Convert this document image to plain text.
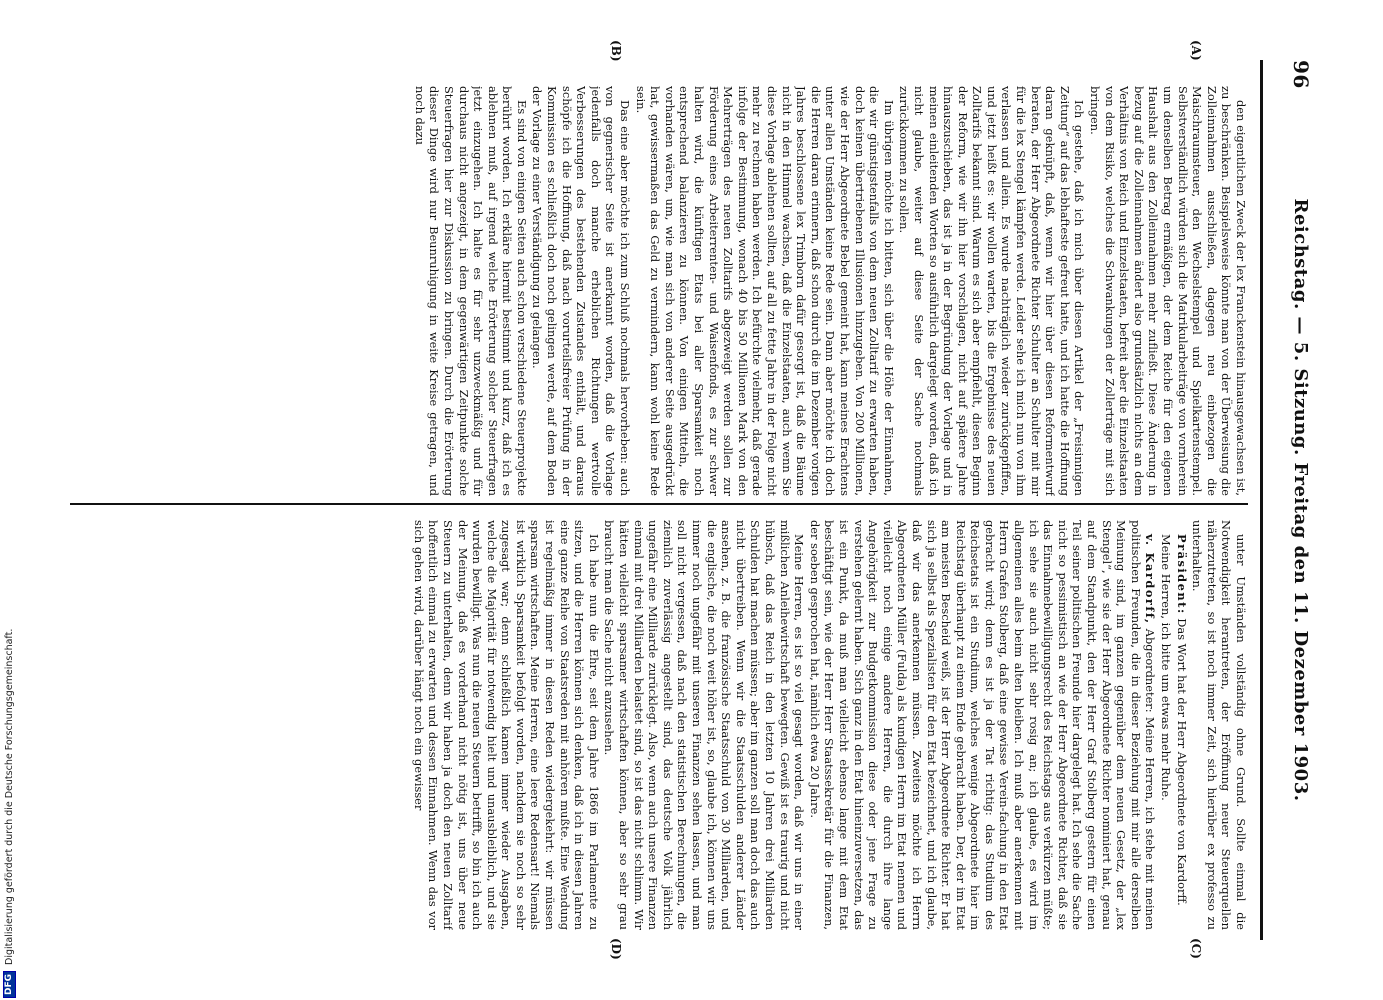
96
Reichstag. — 5. Sitzung. Freitag den 11. Dezember 1903.
(A)
(B)
(C)
(D)

den eigentlichen Zweck der lex Franckenstein hinausgewachsen ist, zu beschränken. Beispielsweise könnte man von der Überweisung die Zolleinnahmen ausschließen, dagegen neu einbezogen die Maischraumsteuer, den Wechselstempel und Spielkartenstempel. Selbstverständlich würden sich die Matrikularbeiträge von vornherein um denselben Betrag ermäßigen, der dem Reiche für den eigenen Haushalt aus den Zolleinnahmen mehr zufließt. Diese Änderung in bezug auf die Zolleinnahmen ändert also grundsätzlich nichts an dem Verhältnis von Reich und Einzelstaaten, befreit aber die Einzelstaaten von dem Risiko, welches die Schwankungen der Zollerträge mit sich bringen.

Ich gestehe, daß ich mich über diesen Artikel der „Freisinnigen Zeitung“ auf das lebhafteste gefreut hatte, und ich hatte die Hoffnung daran geknüpft, daß, wenn wir hier über diesen Reformentwurf beraten, der Herr Abgeordnete Richter Schulter an Schulter mit mir für die lex Stengel kämpfen werde. Leider sehe ich mich nun von ihm verlassen und allein. Es wurde nachträglich wieder zurückgepfiffen, und jetzt heißt es: wir wollen warten, bis die Ergebnisse des neuen Zolltarifs bekannt sind. Warum es sich aber empfiehlt, diesen Beginn der Reform, wie wir ihn hier vorschlagen, nicht auf spätere Jahre hinauszuschieben, das ist ja in der Begründung der Vorlage und in meinen einleitenden Worten so ausführlich dargelegt worden, daß ich nicht glaube, weiter auf diese Seite der Sache nochmals zurückkommen zu sollen.

Im übrigen möchte ich bitten, sich über die Höhe der Einnahmen, die wir günstigstenfalls von dem neuen Zolltarif zu erwarten haben, doch keinen übertriebenen Illusionen hinzugeben. Von 200 Millionen, wie der Herr Abgeordnete Bebel gemeint hat, kann meines Erachtens unter allen Umständen keine Rede sein. Dann aber möchte ich doch die Herren daran erinnern, daß schon durch die im Dezember vorigen Jahres beschlossene lex Trimborn dafür gesorgt ist, daß die Bäume nicht in den Himmel wachsen, daß die Einzelstaaten, auch wenn Sie diese Vorlage ablehnen sollten, auf all zu fette Jahre in der Folge nicht mehr zu rechnen haben werden. Ich befürchte vielmehr, daß gerade infolge der Bestimmung, wonach 40 bis 50 Millionen Mark von den Mehrerträgen des neuen Zolltarifs abgezweigt werden sollen zur Förderung eines Arbeiterrenten- und Waisenfonds, es zur schwer halten wird, die künftigen Etats bei aller Sparsamkeit noch entsprechend balanzieren zu können. Von einigen Mitteln, die vorhanden wären, um, wie man sich von anderer Seite ausgedrückt hat, gewissermaßen das Geld zu vermindern, kann wohl keine Rede sein.

Das eine aber möchte ich zum Schluß nochmals hervorheben: auch von gegnerischer Seite ist anerkannt worden, daß die Vorlage jedenfalls doch manche erheblichen Richtungen wertvolle Verbesserungen des bestehenden Zustandes enthält, und daraus schöpfe ich die Hoffnung, daß nach vorurteilsfreier Prüfung in der Kommission es schließlich doch noch gelingen werde, auf dem Boden der Vorlage zu einer Verständigung zu gelangen.

Es sind von einigen Seiten auch schon verschiedene Steuerprojekte berührt worden. Ich erkläre hiermit bestimmt und kurz, daß ich es ablehnen muß, auf irgend welche Erörterung solcher Steuerfragen jetzt einzugehen. Ich halte es für sehr unzweckmäßig und für durchaus nicht angezeigt, in dem gegenwärtigen Zeitpunkte solche Steuerfragen hier zur Diskussion zu bringen. Durch die Erörterung dieser Dinge wird nur Beunruhigung in weite Kreise getragen, und noch dazu

unter Umständen vollständig ohne Grund. Sollte einmal die Notwendigkeit herantreten, der Eröffnung neuer Steuerquellen näherzutreten, so ist noch immer Zeit, sich hierüber ex professo zu unterhalten.

Präsident: Das Wort hat der Herr Abgeordnete von Kardorff.

Meine Herren, ich bitte um etwas mehr Ruhe.

v. Kardorff, Abgeordneter: Meine Herren, ich stehe mit meinen politischen Freunden, die in dieser Beziehung mit mir alle derselben Meinung sind, im ganzen gegenüber dem neuen Gesetz, der „lex Stengel“, wie sie der Herr Abgeordnete Richter nominiert hat, genau auf dem Standpunkt, den der Herr Graf Stolberg gestern für einen Teil seiner politischen Freunde hier dargelegt hat. Ich sehe die Sache nicht so pessimistisch an wie der Herr Abgeordnete Richter, daß sie das Einnahmebewilligungsrecht des Reichstags aus verkürzen müßte; ich sehe sie auch nicht sehr rosig an; ich glaube, es wird im allgemeinen alles beim alten bleiben. Ich muß aber anerkennen mit Herrn Grafen Stolberg, daß eine gewisse Verein-fachung in den Etat gebracht wird; denn es ist ja der Tat richtig: das Studium des Reichsetats ist ein Studium, welches wenige Abgeordnete hier im Reichstag überhaupt zu einem Ende gebracht haben. Der, der im Etat am meisten Bescheid weiß, ist der Herr Abgeordnete Richter. Er hat sich ja selbst als Spezialisten für den Etat bezeichnet, und ich glaube, daß wir das anerkennen müssen. Zweitens möchte ich Herrn Abgeordneten Müller (Fulda) als kundigen Herrn im Etat nennen und vielleicht noch einige andere Herren, die durch ihre lange Angehörigkeit zur Budgetkommission diese oder jene Frage zu verstehen gelernt haben. Sich ganz in den Etat hineinzuversetzen, das ist ein Punkt, da muß man vielleicht ebenso lange mit dem Etat beschäftigt sein, wie der Herr Herr Staatssekretär für die Finanzen, der soeben gesprochen hat, nämlich etwa 20 Jahre.

Meine Herren, es ist so viel gesagt worden, daß wir uns in einer mißlichen Anleihewirtschaft bewegten. Gewiß ist es traurig und nicht hübsch, daß das Reich in den letzten 10 Jahren drei Milliarden Schulden hat machen müssen; aber im ganzen soll man doch das auch nicht übertreiben. Wenn wir die Staatsschulden anderer Länder ansehen, z. B. die französische Staatsschuld von 30 Milliarden, und die englische, die noch weit höher ist, so, glaube ich, können wir uns immer noch ungefähr mit unseren Finanzen sehen lassen, und man soll nicht vergessen, daß nach den statistischen Berechnungen, die ziemlich zuverlässig angestellt sind, das deutsche Volk jährlich ungefähr eine Milliarde zurücklegt. Also, wenn auch unsere Finanzen einmal mit drei Milliarden belastet sind, so ist das nicht schlimm. Wir hätten vielleicht sparsamer wirtschaften können, aber so sehr grau braucht man die Sache nicht anzusehen.

Ich habe nun die Ehre, seit dem Jahre 1866 im Parlamente zu sitzen, und die Herren können sich denken, daß ich in diesen Jahren eine ganze Reihe von Staatsreden mit anhören mußte. Eine Wendung ist regelmäßig immer in diesen Reden wiedergekehrt: wir müssen sparsam wirtschaften. Meine Herren, eine leere Redensart! Niemals ist wirklich Sparsamkeit befolgt worden, nachdem sie noch so sehr zugesagt war; denn schließlich kamen immer wieder Ausgaben, welche die Majorität für notwendig hielt und unausbleiblich, und sie wurden bewilligt. Was nun die neuen Steuern betrifft, so bin ich auch der Meinung, daß es vorderhand nicht nötig ist, uns über neue Steuern zu unterhalten, denn wir haben ja doch den neuen Zolltarif hoffentlich einmal zu erwarten und dessen Einnahmen. Wenn das vor sich gehen wird, darüber hängt noch ein gewisser

DFG
Digitalisierung gefördert durch die Deutsche Forschungsgemeinschaft.
